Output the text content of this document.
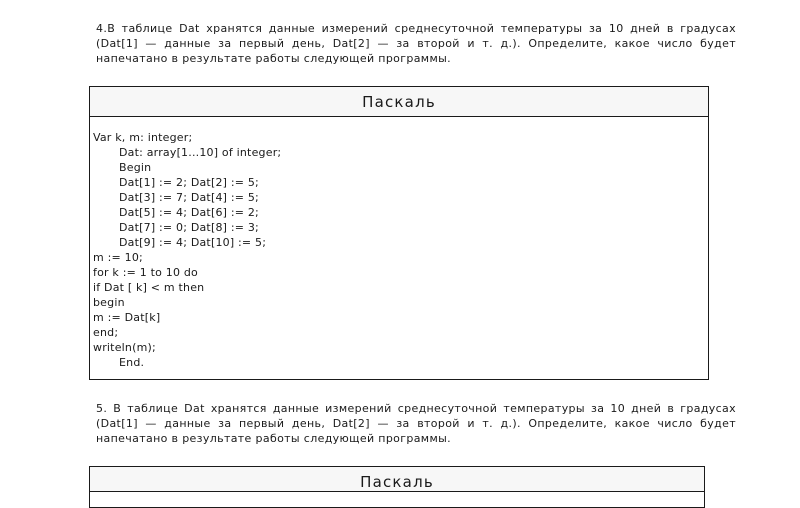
4.В таблице Dat хранятся данные измерений среднесуточной температуры за 10 дней в градусах
(Dat[1] — данные за первый день, Dat[2] — за второй и т. д.). Определите, какое число будет
напечатано в результате работы следующей программы.
Паскаль
Var k, m: integer;
Dat: array[1...10] of integer;
Begin
Dat[1] := 2; Dat[2] := 5;
Dat[3] := 7; Dat[4] := 5;
Dat[5] := 4; Dat[6] := 2;
Dat[7] := 0; Dat[8] := 3;
Dat[9] := 4; Dat[10] := 5;
m := 10;
for k := 1 to 10 do
if Dat [ k] < m then
begin
m := Dat[k]
end;
writeln(m);
End.
5. В таблице Dat хранятся данные измерений среднесуточной температуры за 10 дней в градусах
(Dat[1] — данные за первый день, Dat[2] — за второй и т. д.). Определите, какое число будет
напечатано в результате работы следующей программы.
Паскаль
